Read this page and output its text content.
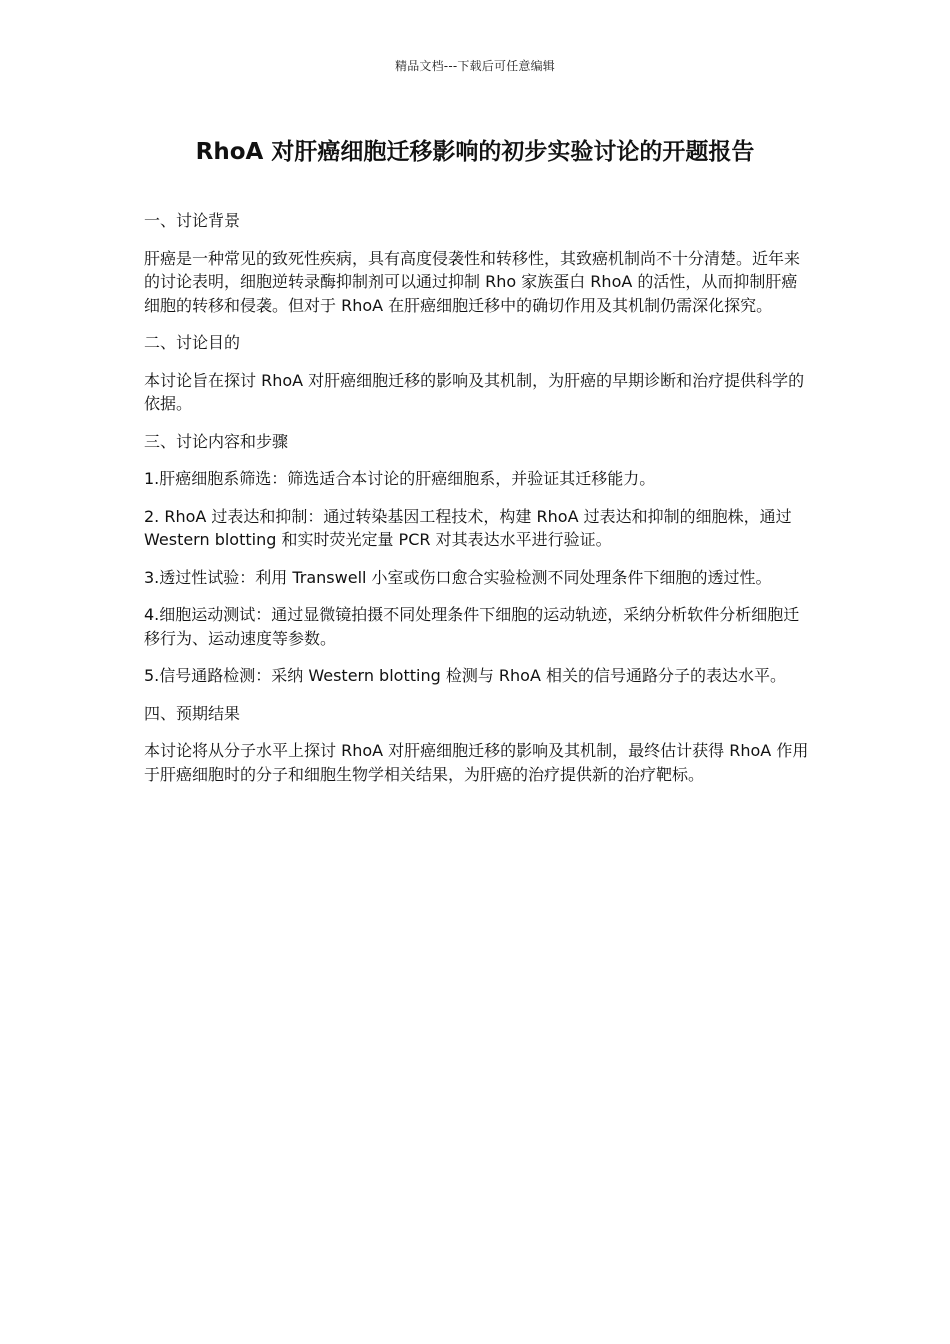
精品文档---下载后可任意编辑
RhoA 对肝癌细胞迁移影响的初步实验讨论的开题报告

一、讨论背景

肝癌是一种常见的致死性疾病，具有高度侵袭性和转移性，其致癌机制尚不十分清楚。近年来的讨论表明，细胞逆转录酶抑制剂可以通过抑制 Rho 家族蛋白 RhoA 的活性，从而抑制肝癌细胞的转移和侵袭。但对于 RhoA 在肝癌细胞迁移中的确切作用及其机制仍需深化探究。

二、讨论目的

本讨论旨在探讨 RhoA 对肝癌细胞迁移的影响及其机制，为肝癌的早期诊断和治疗提供科学的依据。

三、讨论内容和步骤

1.肝癌细胞系筛选：筛选适合本讨论的肝癌细胞系，并验证其迁移能力。

2. RhoA 过表达和抑制：通过转染基因工程技术，构建 RhoA 过表达和抑制的细胞株，通过 Western blotting 和实时荧光定量 PCR 对其表达水平进行验证。

3.透过性试验：利用 Transwell 小室或伤口愈合实验检测不同处理条件下细胞的透过性。

4.细胞运动测试：通过显微镜拍摄不同处理条件下细胞的运动轨迹，采纳分析软件分析细胞迁移行为、运动速度等参数。

5.信号通路检测：采纳 Western blotting 检测与 RhoA 相关的信号通路分子的表达水平。

四、预期结果

本讨论将从分子水平上探讨 RhoA 对肝癌细胞迁移的影响及其机制，最终估计获得 RhoA 作用于肝癌细胞时的分子和细胞生物学相关结果，为肝癌的治疗提供新的治疗靶标。
